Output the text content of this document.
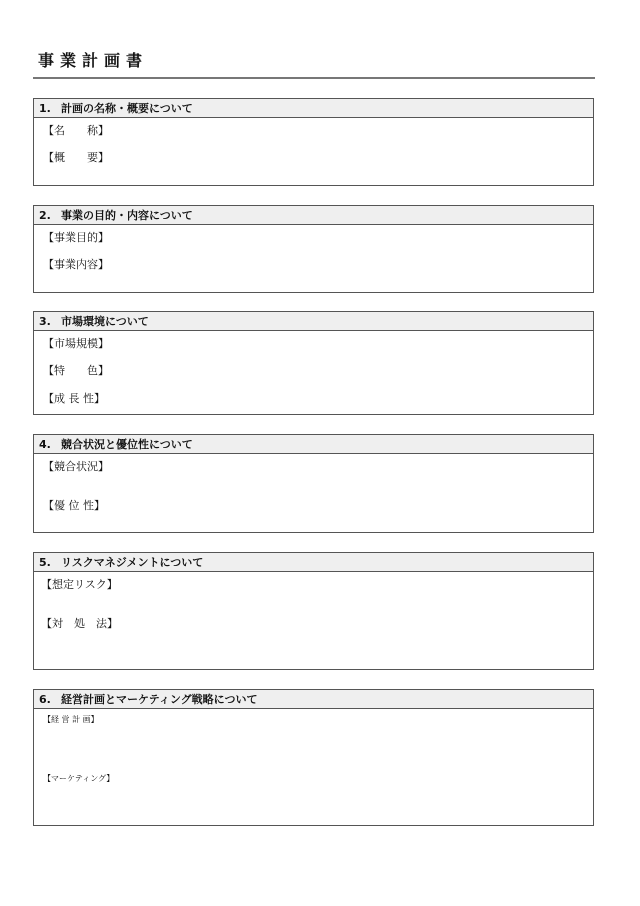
事業計画書
1. 計画の名称・概要について
【名　　称】
【概　　要】
2. 事業の目的・内容について
【事業目的】
【事業内容】
3. 市場環境について
【市場規模】
【特　　色】
【成 長 性】
4. 競合状況と優位性について
【競合状況】
【優 位 性】
5. リスクマネジメントについて
【想定リスク】
【対　処　法】
6. 経営計画とマーケティング戦略について
【経 営 計 画】
【マーケティング】
